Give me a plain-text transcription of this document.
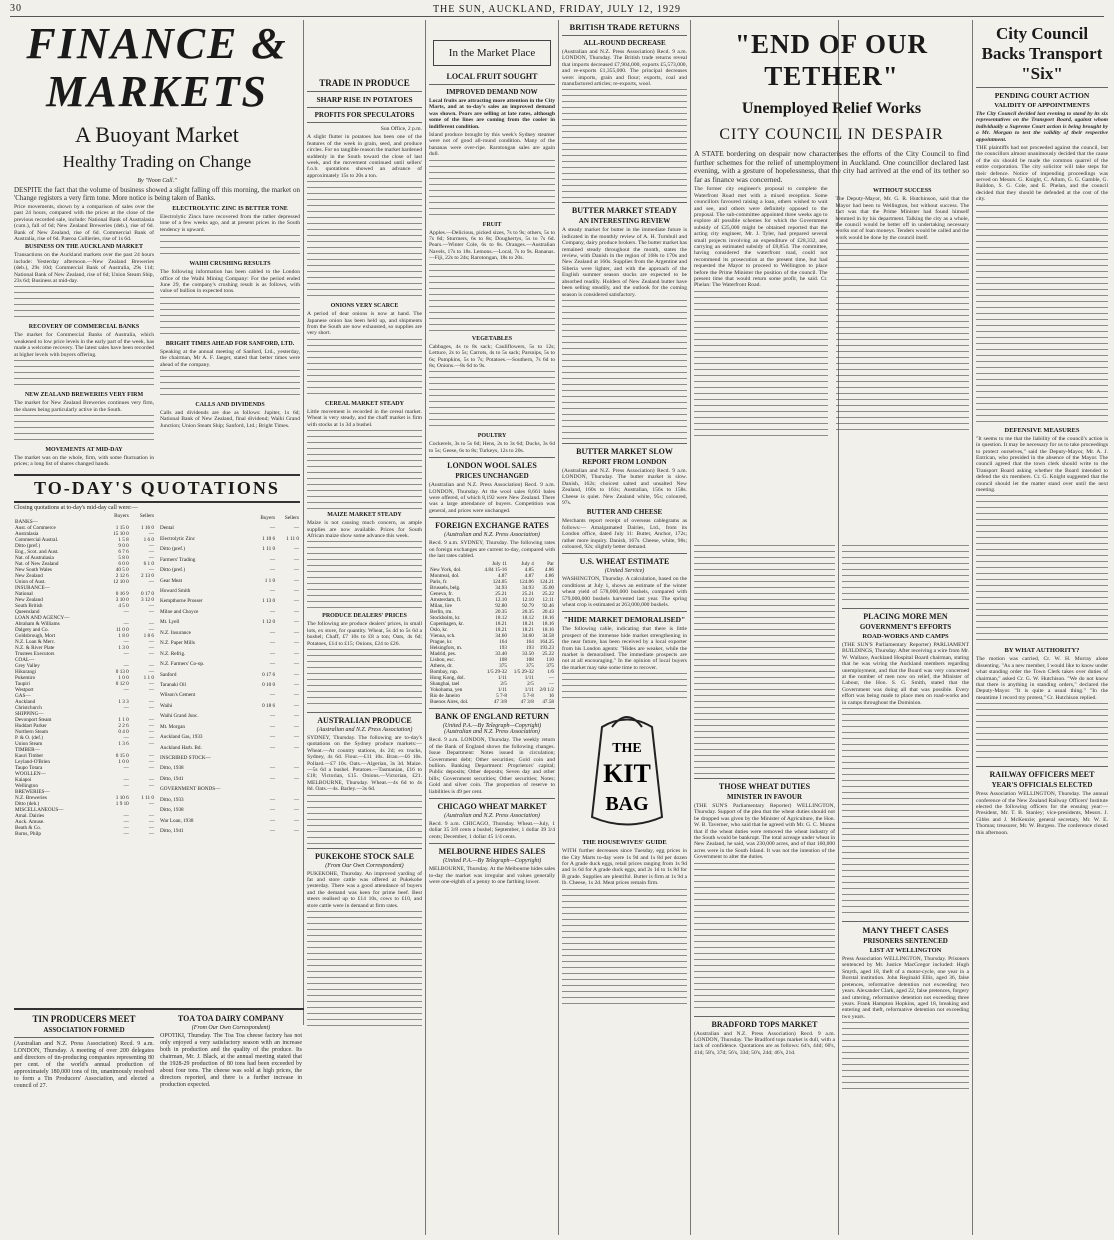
30	THE SUN, AUCKLAND, FRIDAY, JULY 12, 1929
FINANCE & MARKETS
A Buoyant Market
Healthy Trading on Change
By "Noon Call."
DESPITE the fact that the volume of business showed a slight falling off this morning, the market on 'Change registers a very firm tone. More notice is being taken of Banks.
Price movements, shown by a comparison of sales over the past 24 hours, compared with the prices at the close of the previous recorded sale, include: National Bank of Australasia (cum.), fall of 6d; New Zealand Breweries (deb.), rise of 6d. Bank of New Zealand, rise of 6d. Commercial Bank of Australia, rise of 6d. Paeroa Collieries, rise of 1s 6d.
BUSINESS ON THE AUCKLAND MARKET
Transactions on the Auckland markets over the past 24 hours include: Yesterday afternoon.—New Zealand Breweries (deb.), 29s 10d; Commercial Bank of Australia, 29s 11d; National Bank of New Zealand, rise of 6d; Union Steam Ship, 23s 6d; Business at mid-day.
RECOVERY OF COMMERCIAL BANKS
The market for Commercial Banks of Australia, which weakened to low price levels in the early part of the week, has made a welcome recovery. The latest sales have been recorded at higher levels with buyers offering.
NEW ZEALAND BREWERIES VERY FIRM
The market for New Zealand Breweries continues very firm, the shares being particularly active in the South.
MOVEMENTS AT MID-DAY
The market was on the whole, firm, with some fluctuation in prices; a long list of shares changed hands.
ELECTROLYTIC ZINC IS BETTER TONE
Electrolytic Zincs have recovered from the rather depressed tone of a few weeks ago, and at present prices in the South tendency is upward.
WAIHI CRUSHING RESULTS
The following information has been cabled to the London office of the Waihi Mining Company: For the period ended June 29, the company's crushing result is as follows, with value of bullion in expected tons.
BRIGHT TIMES AHEAD FOR SANFORD, LTD.
Speaking at the annual meeting of Sanford, Ltd., yesterday, the chairman, Mr A. F. Jaeger, stated that better times were ahead of the company.
CALLS AND DIVIDENDS
Calls and dividends are due as follows: Jupiter, 1s 6d; National Bank of New Zealand, final dividend; Waihi Grand Junction; Union Steam Ship; Sanford, Ltd.; Bright Times.
TO-DAY'S QUOTATIONS
Closing quotations at to-day's mid-day call were:—
	Buyers	Sellers
BANKS—		
Aust. of Commerce	1 15 0	1 16 0
Australasia	15 10 0	—
Commercial Austral.	1 5 8	1 6 0
Ditto (pref.)	9 0 0	—
Eng., Scot. and Aust.	6 7 6	—
Nat. of Australasia	5 8 0	—
Nat. of New Zealand	6 0 0	6 1 0
New South Wales	40 5 0	—
New Zealand	2 12 6	2 13 0
Union of Aust.	12 10 0	—
INSURANCE—		
National	0 16 9	0 17 0
New Zealand	3 10 0	3 12 0
South British	4 5 0	—
Queensland	—	—
LOAN AND AGENCY—		
Abraham & Williams	—	—
Dalgety and Co.	11 0 0	—
Goldsbrough, Mort	1 8 0	1 8 6
N.Z. Loan & Merc.	—	—
N.Z. & River Plate	1 3 0	—
Trustees Executors	—	—
COAL—		
Grey Valley	—	—
Hikurangi	0 13 0	—
Pukemiro	1 0 0	1 1 0
Taupiri	0 12 0	—
Westport	—	—
GAS—		
Auckland	1 3 3	—
Christchurch	—	—
SHIPPING—		
Devonport Steam	1 1 0	—
Huddart Parker	2 2 6	—
Northern Steam	0 4 0	—
P. & O. (def.)	—	—
Union Steam	1 3 6	—
TIMBER—		
Kauri Timber	0 15 0	—
Leyland-O'Brien	1 0 0	—
Taupo Totara	—	—
WOOLLEN—		
Kaiapoi	—	—
Wellington	—	—
BREWERIES—		
N.Z. Breweries	1 10 6	1 11 0
Ditto (deb.)	1 9 10	—
MISCELLANEOUS—		
Amal. Dairies	—	—
Auck. Amuse.	—	—
Beath & Co.	—	—
Burns, Philp	—	—
	Buyers	Sellers
Dental	—	—
Electrolytic Zinc	1 10 6	1 11 0
Ditto (pref.)	1 11 0	—
Farmers' Trading	—	—
Ditto (pref.)	—	—
Gear Meat	1 1 0	—
Howard Smith	—	—
Kempthorne Prosser	1 13 0	—
Milne and Choyce	—	—
Mt. Lyell	1 12 0	—
N.Z. Insurance	—	—
N.Z. Paper Mills	—	—
N.Z. Refrig.	—	—
N.Z. Farmers' Co-op.	—	—
Sanford	0 17 6	—
Taranaki Oil	0 10 0	—
Wilson's Cement	—	—
Waihi	0 18 6	—
Waihi Grand Junc.	—	—
Mt. Morgan	—	—
Auckland Gas, 1933	—	—
Auckland Harb. Bd.	—	—
INSCRIBED STOCK—		
Ditto, 1938	—	—
Ditto, 1941	—	—
GOVERNMENT BONDS—		
Ditto, 1933	—	—
Ditto, 1938	—	—
War Loan, 1938	—	—
Ditto, 1941	—	—
TIN PRODUCERS MEET
ASSOCIATION FORMED
(Australian and N.Z. Press Association) Recd. 9 a.m. LONDON, Thursday. A meeting of over 200 delegates and directors of tin-producing companies representing 80 per cent. of the world's annual production of approximately 180,000 tons of tin, unanimously resolved to form a Tin Producers' Association, and elected a council of 27.
TOA TOA DAIRY COMPANY
(From Our Own Correspondent)
OPOTIKI, Thursday. The Toa Toa cheese factory has not only enjoyed a very satisfactory season with an increase both in production and the quality of the produce. Its chairman, Mr. J. Black, at the annual meeting stated that the 1928-29 production of 80 tons had been exceeded by about four tons. The cheese was sold at high prices, the directors reported, and there is a further increase in production expected.
TRADE IN PRODUCE
SHARP RISE IN POTATOES
PROFITS FOR SPECULATORS
Sun Office, 2 p.m.
A slight flutter in potatoes has been one of the features of the week in grain, seed, and produce circles. For no tangible reason the market hardened suddenly in the South toward the close of last week, and the movement continued until sellers' f.o.b. quotations showed an advance of approximately 15s to 20s a ton.
ONIONS VERY SCARCE
A period of dear onions is now at hand. The Japanese onion has been held up, and shipments from the South are now exhausted, so supplies are very short.
CEREAL MARKET STEADY
Little movement is recorded in the cereal market. Wheat is very steady, and the chaff market is firm with stocks at 1s 3d a bushel.
MAIZE MARKET STEADY
Maize is not causing much concern, as ample supplies are now available. Prices for South African maize show some advance this week.
PRODUCE DEALERS' PRICES
The following are produce dealers' prices, in small lots, ex store, for quantity. Wheat, 5s 4d to 5s 6d a bushel; Chaff, £7 10s to £8 a ton; Oats, 4s 6d; Potatoes, £14 to £15; Onions, £24 to £26.
AUSTRALIAN PRODUCE
(Australian and N.Z. Press Association)
SYDNEY, Thursday. The following are to-day's quotations on the Sydney produce markets:— Wheat.—At country stations, 4s 2d; ex trucks, Sydney, 4s 6d. Flour.—£11 10s. Bran.—£6 10s. Pollard.—£7 10s. Oats.—Algerian, 3s 3d. Maize.—5s 6d a bushel. Potatoes.—Tasmanian, £16 to £18; Victorian, £15. Onions.—Victorian, £21. MELBOURNE, Thursday. Wheat.—4s 6d to 4s 8d. Oats.—4s. Barley.—3s 6d.
PUKEKOHE STOCK SALE
(From Our Own Correspondent)
PUKEKOHE, Thursday. An improved yarding of fat and store cattle was offered at Pukekohe yesterday. There was a good attendance of buyers and the demand was keen for prime beef. Best steers realised up to £14 10s, cows to £10, and store cattle were in demand at firm rates.
In the Market Place
LOCAL FRUIT SOUGHT
IMPROVED DEMAND NOW
Local fruits are attracting more attention in the City Marts, and at to-day's sales an improved demand was shown. Pears are selling at late rates, although some of the lines are coming from the cooler in indifferent condition.
Island produce brought by this week's Sydney steamer were not of good all-round condition. Many of the bananas were over-ripe. Rarotongan sales are again dull.
FRUIT
Apples.—Delicious, picked sizes, 7s to 9s; others, 5s to 7s 6d; Sturmers, 6s to 8s; Doughertys, 5s to 7s 6d. Pears.—Winter Cole, 6s to 8s. Oranges.—Australian Navels, 17s to 18s. Lemons.—Local, 7s to 9s. Bananas.—Fiji, 22s to 24s; Rarotongan, 18s to 20s.
VEGETABLES
Cabbages, 4s to 8s sack; Cauliflowers, 5s to 12s; Lettuce, 2s to 5s; Carrots, 4s to 5s sack; Parsnips, 5s to 6s; Pumpkins, 5s to 7s; Potatoes.—Southern, 7s 6d to 8s; Onions.—8s 6d to 9s.
POULTRY
Cockerels, 3s to 5s 6d; Hens, 2s to 3s 6d; Ducks, 3s 6d to 5s; Geese, 6s to 8s; Turkeys, 12s to 20s.
LONDON WOOL SALES
PRICES UNCHANGED
(Australian and N.Z. Press Association) Recd. 9 a.m. LONDON, Thursday. At the wool sales 8,661 bales were offered, of which 8,192 were New Zealand. There was a large attendance of buyers. Competition was general, and prices were unchanged.
FOREIGN EXCHANGE RATES
(Australian and N.Z. Press Association)
Recd. 9 a.m. SYDNEY, Thursday. The following rates on foreign exchanges are current to-day, compared with the last rates cabled.
	July 11	July 4	Par
New York, dol.	4.84 15-16	4.85	4.86
Montreal, dol.	4.87	4.87	4.86
Paris, fr.	124.05	124.06	124.21
Brussels, belg.	34.93	34.93	35.00
Geneva, fr.	25.21	25.21	25.22
Amsterdam, fl.	12.10	12.10	12.11
Milan, lire	92.80	92.79	92.46
Berlin, rm.	20.35	20.35	20.43
Stockholm, kr.	18.12	18.12	18.16
Copenhagen, kr.	18.21	18.21	18.16
Oslo, kr.	18.21	18.21	18.16
Vienna, sch.	34.60	34.60	34.58
Prague, kr.	164	164	164.25
Helsingfors, m.	193	193	193.23
Madrid, pes.	33.40	33.50	25.22
Lisbon, esc.	108	108	110
Athens, dr.	375	375	375
Bombay, rup.	1/5 29-32	1/5 29-32	1/6
Hong Kong, dol.	1/11	1/11	—
Shanghai, tael	2/5	2/5	—
Yokohama, yen	1/11	1/11	2/0 1/2
Rio de Janeiro	5 7-8	5 7-8	16
Buenos Aires, dol.	47 3/8	47 3/8	47.58
BANK OF ENGLAND RETURN
(United P.A.—By Telegraph—Copyright) (Australian and N.Z. Press Association)
Recd. 9 a.m. LONDON, Thursday. The weekly return of the Bank of England shows the following changes. Issue Department: Notes issued in circulation; Government debt; Other securities; Gold coin and bullion. Banking Department: Proprietors' capital; Public deposits; Other deposits; Seven day and other bills; Government securities; Other securities; Notes; Gold and silver coin. The proportion of reserve to liabilities is 49 per cent.
CHICAGO WHEAT MARKET
(Australian and N.Z. Press Association)
Recd. 9 a.m. CHICAGO, Thursday. Wheat.—July, 1 dollar 35 3/8 cents a bushel; September, 1 dollar 39 3/4 cents; December, 1 dollar 45 1/4 cents.
MELBOURNE HIDES SALES
(United P.A.—By Telegraph—Copyright)
MELBOURNE, Thursday. At the Melbourne hides sales to-day the market was irregular and values generally were one-eighth of a penny to one farthing lower.
BRITISH TRADE RETURNS
ALL-ROUND DECREASE
(Australian and N.Z. Press Association) Recd. 9 a.m. LONDON, Thursday. The British trade returns reveal that imports decreased £7,904,000, exports £5,573,000, and re-exports £1,355,000. The principal decreases were: imports, grain and flour; exports, coal and manufactured articles; re-exports, wool.
BUTTER MARKET STEADY
AN INTERESTING REVIEW
A steady market for butter in the immediate future is indicated in the monthly review of A. H. Turnbull and Company, dairy produce brokers. The butter market has remained steady throughout the month, states the review, with Danish in the region of 168s to 170s and New Zealand at 160s. Supplies from the Argentine and Siberia were lighter, and with the approach of the English summer season stocks are expected to be absorbed readily. Holders of New Zealand butter have been selling steadily, and the outlook for the coming season is considered satisfactory.
BUTTER MARKET SLOW
REPORT FROM LONDON
(Australian and N.Z. Press Association) Recd. 9 a.m. LONDON, Thursday. The butter market is slow. Danish, 162s; choicest salted and unsalted New Zealand, 160s to 161s; Australian, 156s to 158s. Cheese is quiet. New Zealand white, 95s; coloured, 97s.
BUTTER AND CHEESE
Merchants report receipt of overseas cablegrams as follows:— Amalgamated Dairies, Ltd., from its London office, dated July 11: Butter, Anchor, 172s; rather more inquiry. Danish, 167s. Cheese, white, 98s; coloured, 92s; slightly better demand.
U.S. WHEAT ESTIMATE
(United Service)
WASHINGTON, Thursday. A calculation, based on the conditions at July 1, shows an estimate of the winter wheat yield of 578,000,000 bushels, compared with 579,000,000 bushels harvested last year. The spring wheat crop is estimated at 263,000,000 bushels.
"HIDE MARKET DEMORALISED"
The following cable, indicating that there is little prospect of the immense hide market strengthening in the near future, has been received by a local exporter from his London agents: "Hides are weaker, while the market is demoralised. The immediate prospects are not at all encouraging." In the opinion of local buyers the market may take some time to recover.
THE
KIT
BAG
THE HOUSEWIVES' GUIDE
WITH further decreases since Tuesday, egg prices in the City Marts to-day were 1s 9d and 1s 8d per dozen for A grade duck eggs, retail prices ranging from 1s 9d and 1s 6d for A grade duck eggs, and 2s 1d to 1s 8d for B grade. Supplies are plentiful. Butter is firm at 1s 9d a lb. Cheese, 1s 2d. Meat prices remain firm.
"END OF OUR TETHER"
Unemployed Relief Works
CITY COUNCIL IN DESPAIR
A STATE bordering on despair now characterises the efforts of the City Council to find further schemes for the relief of unemployment in Auckland. One councillor declared last evening, with a gesture of hopelessness, that the city had arrived at the end of its tether so far as finance was concerned.
The former city engineer's proposal to complete the Waterfront Road met with a mixed reception. Some councillors favoured raising a loan, others wished to wait and see, and others were definitely opposed to the proposal. The sub-committee appointed three weeks ago to explore all possible schemes for which the Government subsidy of £25,000 might be obtained reported that the acting city engineer, Mr. J. Tyler, had prepared several small projects involving an expenditure of £28,332, and carrying an estimated subsidy of £8,854. The committee, having considered the waterfront road, could not recommend its prosecution at the present time, but had requested the Mayor to proceed to Wellington to place before the Prime Minister the position of the council. The present time that would return some profit, he said. Cr. Phelan: The Waterfront Road.
WITHOUT SUCCESS
The Deputy-Mayor, Mr. G. R. Hutchinson, said that the Mayor had been to Wellington, but without success. The fact was that the Prime Minister had found himself hemmed in by his department. Talking the city as a whole, the council would be better off in undertaking necessary works out of loan moneys. Tenders would be called and the work would be done by the council itself.
THOSE WHEAT DUTIES
MINISTER IN FAVOUR
(THE SUN'S Parliamentary Reporter) WELLINGTON, Thursday. Support of the plea that the wheat duties should not be dropped was given by the Minister of Agriculture, the Hon. W. B. Taverner, who said that he agreed with Mr. G. C. Munns that if the wheat duties were removed the wheat industry of the South would be bankrupt. The total acreage under wheat in New Zealand, he said, was 230,000 acres, and of that 160,000 acres were in the South Island. It was not the intention of the Government to alter the duties.
BRADFORD TOPS MARKET
(Australian and N.Z. Press Association) Recd. 9 a.m. LONDON, Thursday. The Bradford tops market is dull, with a lack of confidence. Quotations are as follows: 64's, 44d; 60's, 41d; 58's, 37d; 56's, 33d; 50's, 24d; 46's, 21d.
PLACING MORE MEN
GOVERNMENT'S EFFORTS
ROAD-WORKS AND CAMPS
(THE SUN'S Parliamentary Reporter) PARLIAMENT BUILDINGS, Thursday. After receiving a wire from Mr. W. Wallace, Auckland Hospital Board chairman, stating that he was wiring the Auckland members regarding unemployment, and that the Board was very concerned at the number of men now on relief, the Minister of Labour, the Hon. S. G. Smith, stated that the Government was doing all that was possible. Every effort was being made to place men on road-works and in camps throughout the Dominion.
MANY THEFT CASES
PRISONERS SENTENCED
LIST AT WELLINGTON
Press Association WELLINGTON, Thursday. Prisoners sentenced by Mr. Justice MacGregor included: Hugh Smyth, aged 18, theft of a motor-cycle, one year in a Borstal institution. John Reginald Ellis, aged 36, false pretences, reformative detention not exceeding two years. Alexander Clark, aged 22, false pretences, forgery and uttering, reformative detention not exceeding three years. Frank Hampton Hopkins, aged 18, breaking and entering and theft, reformative detention not exceeding two years.
City Council Backs Transport "Six"
PENDING COURT ACTION
VALIDITY OF APPOINTMENTS
The City Council decided last evening to stand by its six representatives on the Transport Board, against whom individually a Supreme Court action is being brought by a Mr. Morgan to test the validity of their respective appointment.
THE plaintiffs had not proceeded against the council, but the councillors almost unanimously decided that the cause of the six should be made the common quarrel of the entire corporation. The city solicitor will take steps for their defence. Notice of impending proceedings was served on Messrs. G. Knight, C. Allum, G. G. Gamble, G. Baildon, S. G. Cole, and E. Phelan, and the council decided that they should be defended at the cost of the city.
DEFENSIVE MEASURES
"It seems to me that the liability of the council's action is in question. It may be necessary for us to take proceedings to protect ourselves," said the Deputy-Mayor, Mr. A. J. Entrican, who presided in the absence of the Mayor. The council agreed that the town clerk should write to the Transport Board asking whether the Board intended to defend the six members. Cr. G. Knight suggested that the council should let the matter stand over until the next meeting.
BY WHAT AUTHORITY?
The motion was carried, Cr. W. H. Murray alone dissenting. "As a new member, I would like to know under what standing order the Town Clerk takes over duties of chairman," asked Cr. G. W. Hutchison. "We do not know that there is anything in standing orders," declared the Deputy-Mayor. "It is quite a usual thing." "In the meantime I record my protest," Cr. Hutchison replied.
RAILWAY OFFICERS MEET
YEAR'S OFFICIALS ELECTED
Press Association WELLINGTON, Thursday. The annual conference of the New Zealand Railway Officers' Institute elected the following officers for the ensuing year:— President, Mr. T. B. Stanley; vice-presidents, Messrs. J. Gibbs and J. McKenzie; general secretary, Mr. W. E. Thomas; treasurer, Mr. W. Burgess. The conference closed this afternoon.
